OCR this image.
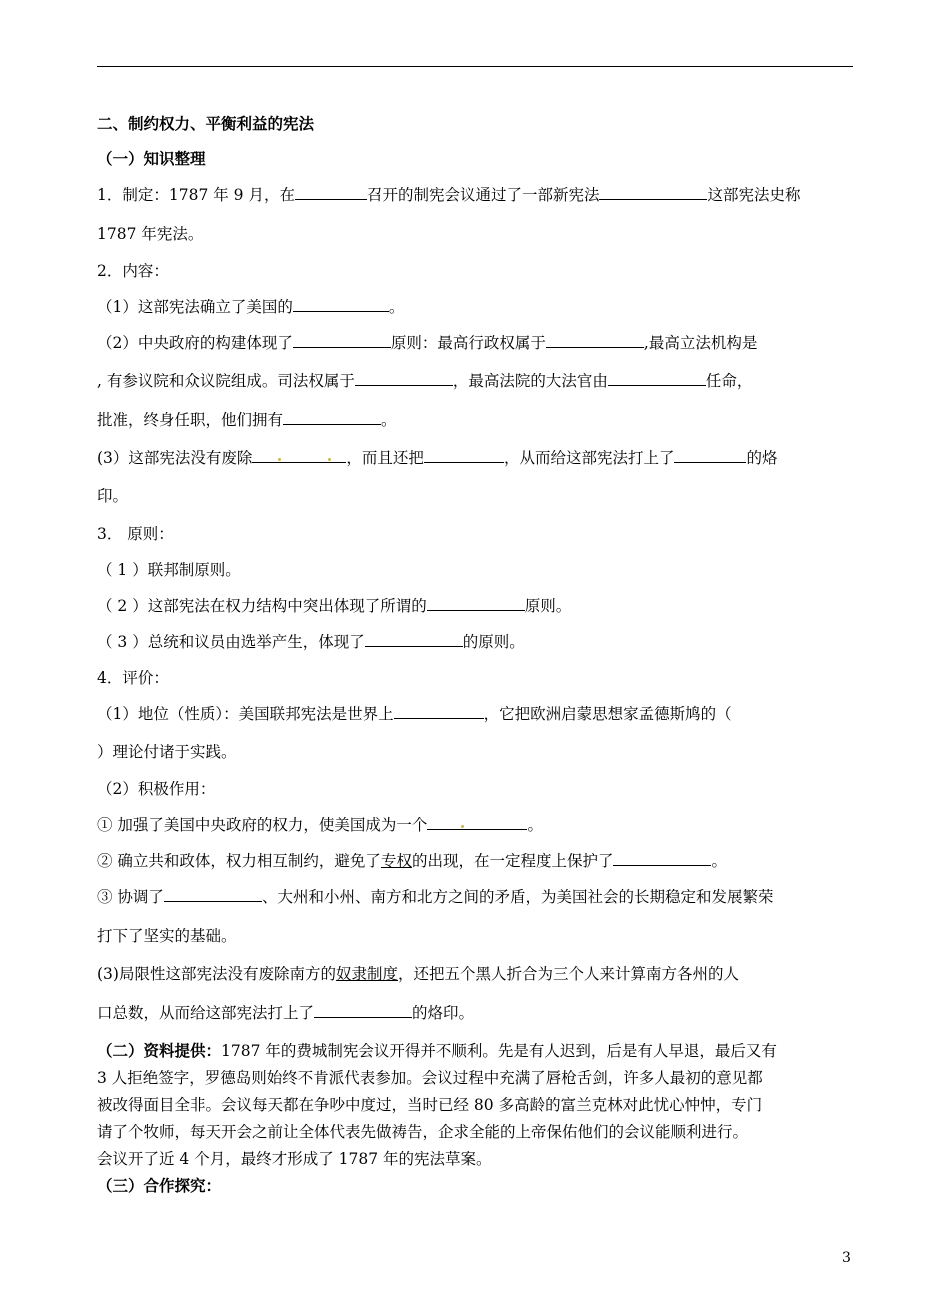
二、制约权力、平衡利益的宪法
（一）知识整理
1．制定：1787 年 9 月，在	召开的制宪会议通过了一部新宪法	这部宪法史称
1787 年宪法。
2．内容：
（1）这部宪法确立了美国的	。
（2）中央政府的构建体现了	原则：最高行政权属于	,最高立法机构是
, 有参议院和众议院组成。司法权属于	，最高法院的大法官由	任命，
批准，终身任职，他们拥有	。
(3）这部宪法没有废除	，而且还把	，从而给这部宪法打上了	的烙
印。
3． 原则：
（ 1 ）联邦制原则。
（ 2 ）这部宪法在权力结构中突出体现了所谓的	原则。
（ 3 ）总统和议员由选举产生，体现了	的原则。
4．评价：
（1）地位（性质）：美国联邦宪法是世界上	，它把欧洲启蒙思想家孟德斯鸠的（
）理论付诸于实践。
（2）积极作用：
① 加强了美国中央政府的权力，使美国成为一个	。
② 确立共和政体，权力相互制约，避免了专权的出现，在一定程度上保护了	。
③ 协调了	、大州和小州、南方和北方之间的矛盾，为美国社会的长期稳定和发展繁荣
打下了坚实的基础。
(3)局限性这部宪法没有废除南方的奴隶制度，还把五个黑人折合为三个人来计算南方各州的人
口总数，从而给这部宪法打上了	的烙印。
（二）资料提供：1787 年的费城制宪会议开得并不顺利。先是有人迟到，后是有人早退，最后又有
3 人拒绝签字，罗德岛则始终不肯派代表参加。会议过程中充满了唇枪舌剑，许多人最初的意见都
被改得面目全非。会议每天都在争吵中度过，当时已经 80 多高龄的富兰克林对此忧心忡忡，专门
请了个牧师，每天开会之前让全体代表先做祷告，企求全能的上帝保佑他们的会议能顺利进行。
会议开了近 4 个月，最终才形成了 1787 年的宪法草案。
（三）合作探究：
3
